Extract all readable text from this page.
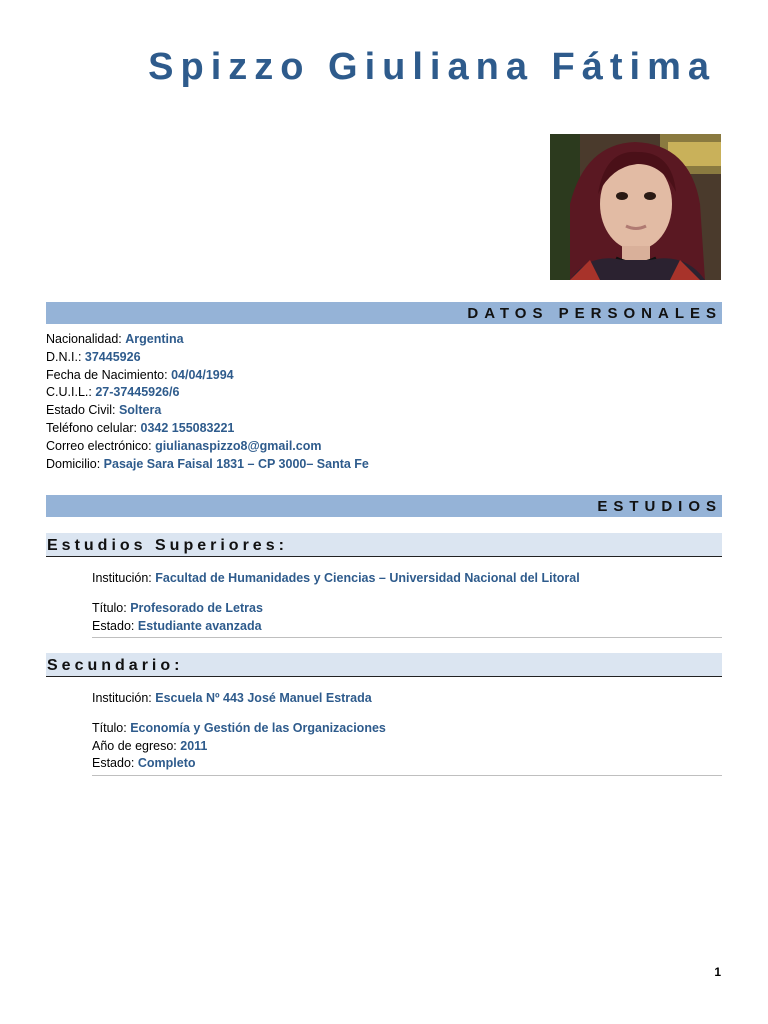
Spizzo Giuliana Fátima
DATOS PERSONALES
Nacionalidad: Argentina
D.N.I.: 37445926
Fecha de Nacimiento: 04/04/1994
C.U.I.L.: 27-37445926/6
Estado Civil: Soltera
Teléfono celular: 0342 155083221
Correo electrónico: giulianaspizzo8@gmail.com
Domicilio: Pasaje Sara Faisal 1831 – CP 3000– Santa Fe
ESTUDIOS
Estudios Superiores:
Institución: Facultad de Humanidades y Ciencias – Universidad Nacional del Litoral
Título: Profesorado de Letras
Estado: Estudiante avanzada
Secundario:
Institución: Escuela Nº 443 José Manuel Estrada
Título: Economía y Gestión de las Organizaciones
Año de egreso: 2011
Estado: Completo
1
